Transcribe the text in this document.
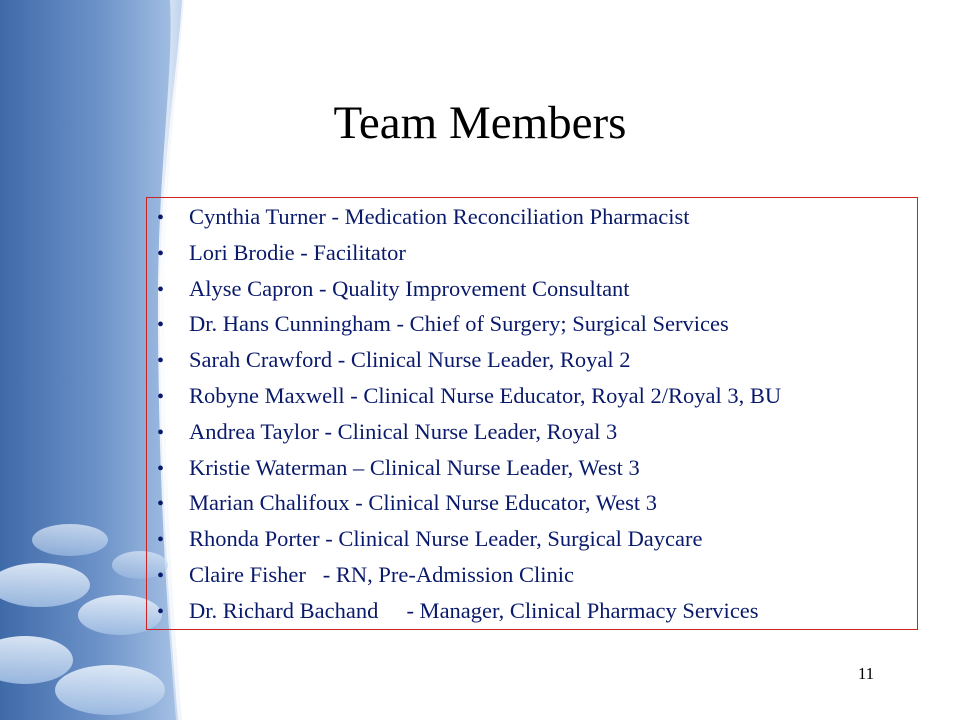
Team Members
•	Cynthia Turner - Medication Reconciliation Pharmacist
•	Lori Brodie - Facilitator
•	Alyse Capron - Quality Improvement Consultant
•	Dr. Hans Cunningham - Chief of Surgery; Surgical Services
•	Sarah Crawford - Clinical Nurse Leader, Royal 2
•	Robyne Maxwell - Clinical Nurse Educator, Royal 2/Royal 3, BU
•	Andrea Taylor - Clinical Nurse Leader, Royal 3
•	Kristie Waterman – Clinical Nurse Leader, West 3
•	Marian Chalifoux - Clinical Nurse Educator, West 3
•	Rhonda Porter - Clinical Nurse Leader, Surgical Daycare
•	Claire Fisher   - RN, Pre-Admission Clinic
•	Dr. Richard Bachand     - Manager, Clinical Pharmacy Services
11
